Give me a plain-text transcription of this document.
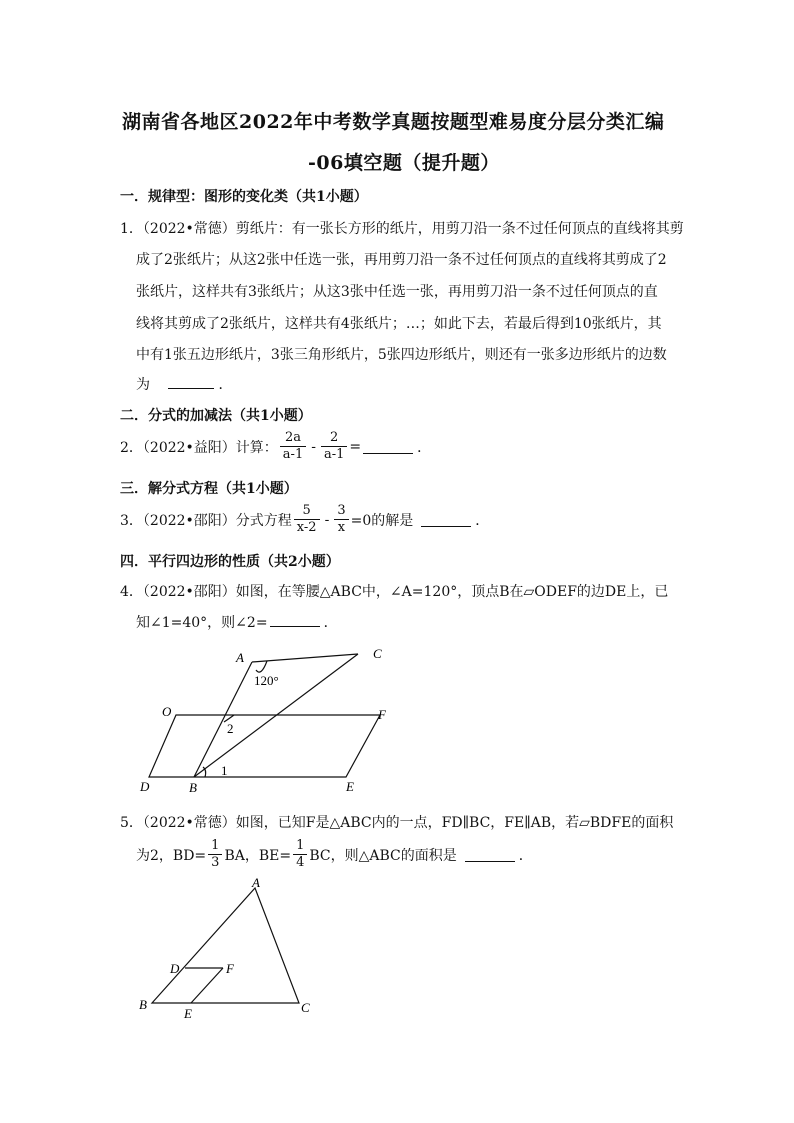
湖南省各地区2022年中考数学真题按题型难易度分层分类汇编
-06填空题（提升题）
一．规律型：图形的变化类（共1小题）
1．（2022•常德）剪纸片：有一张长方形的纸片，用剪刀沿一条不过任何顶点的直线将其剪
成了2张纸片；从这2张中任选一张，再用剪刀沿一条不过任何顶点的直线将其剪成了2
张纸片，这样共有3张纸片；从这3张中任选一张，再用剪刀沿一条不过任何顶点的直
线将其剪成了2张纸片，这样共有4张纸片；…；如此下去，若最后得到10张纸片，其
中有1张五边形纸片，3张三角形纸片，5张四边形纸片，则还有一张多边形纸片的边数
为	．
二．分式的加减法（共1小题）
2．（2022•益阳）计算： $\frac{2a}{a-1} - \frac{2}{a-1}$ =	．
三．解分式方程（共1小题）
3．（2022•邵阳）分式方程 $\frac{5}{x-2} - \frac{3}{x} =0$的解是	．
四．平行四边形的性质（共2小题）
4．（2022•邵阳）如图，在等腰△ABC中，∠A=120°，顶点B在▱ODEF的边DE上，已
知∠1=40°，则∠2=	．
A	C
120°
O	F
2
1
D	B	E
5．（2022•常德）如图，已知F是△ABC内的一点，FD∥BC，FE∥AB，若▱BDFE的面积
为2，$BD= \frac{1}{3}$ BA，$BE= \frac{1}{4}$ BC，则△ABC的面积是	．
A
D	F
B
E	C
